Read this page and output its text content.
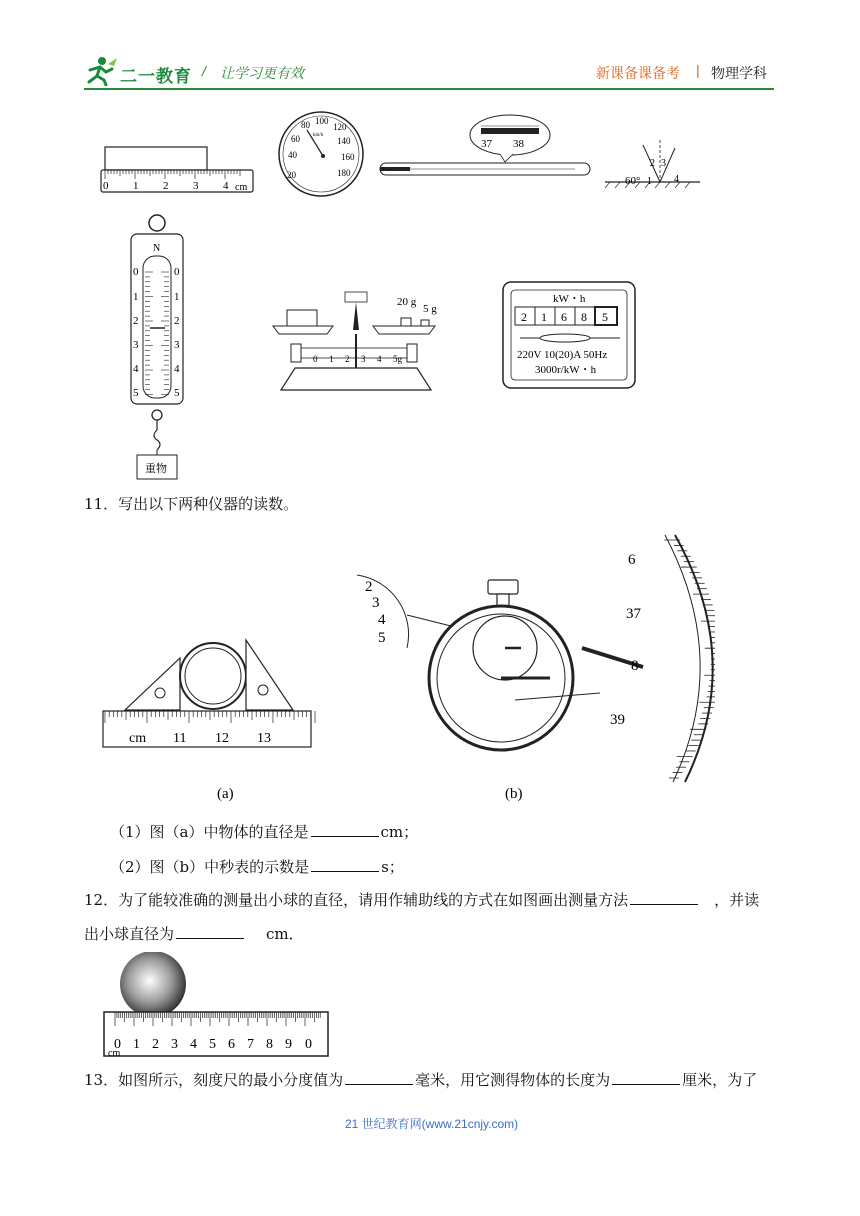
二一教育 / 让学习更有效	新课备课备考 | 物理学科
0 1 2 3 4 cm
20
40
60
80 100
120
140
160
180
km/h
37 38
60° 1
2 3
4
N
0
1
2
3
4
5
0
1
2
3
4
5
重物
20 g
5 g
0 1 2 3 4 5g
kW・h
2 1 6 8 5
220V 10(20)A 50Hz
3000r/kW・h
11．写出以下两种仪器的读数。
cm 11 12 13
2
3
4
5
6
37
8
39
(a)	(b)
（1）图（a）中物体的直径是	cm；
（2）图（b）中秒表的示数是	s；
12．为了能较准确的测量出小球的直径，请用作辅助线的方式在如图画出测量方法	，并读
出小球直径为	cm．
0 1 2 3 4 5 6 7 8 9 0
cm
13．如图所示，刻度尺的最小分度值为	毫米，用它测得物体的长度为	厘米，为了
21 世纪教育网(www.21cnjy.com)
